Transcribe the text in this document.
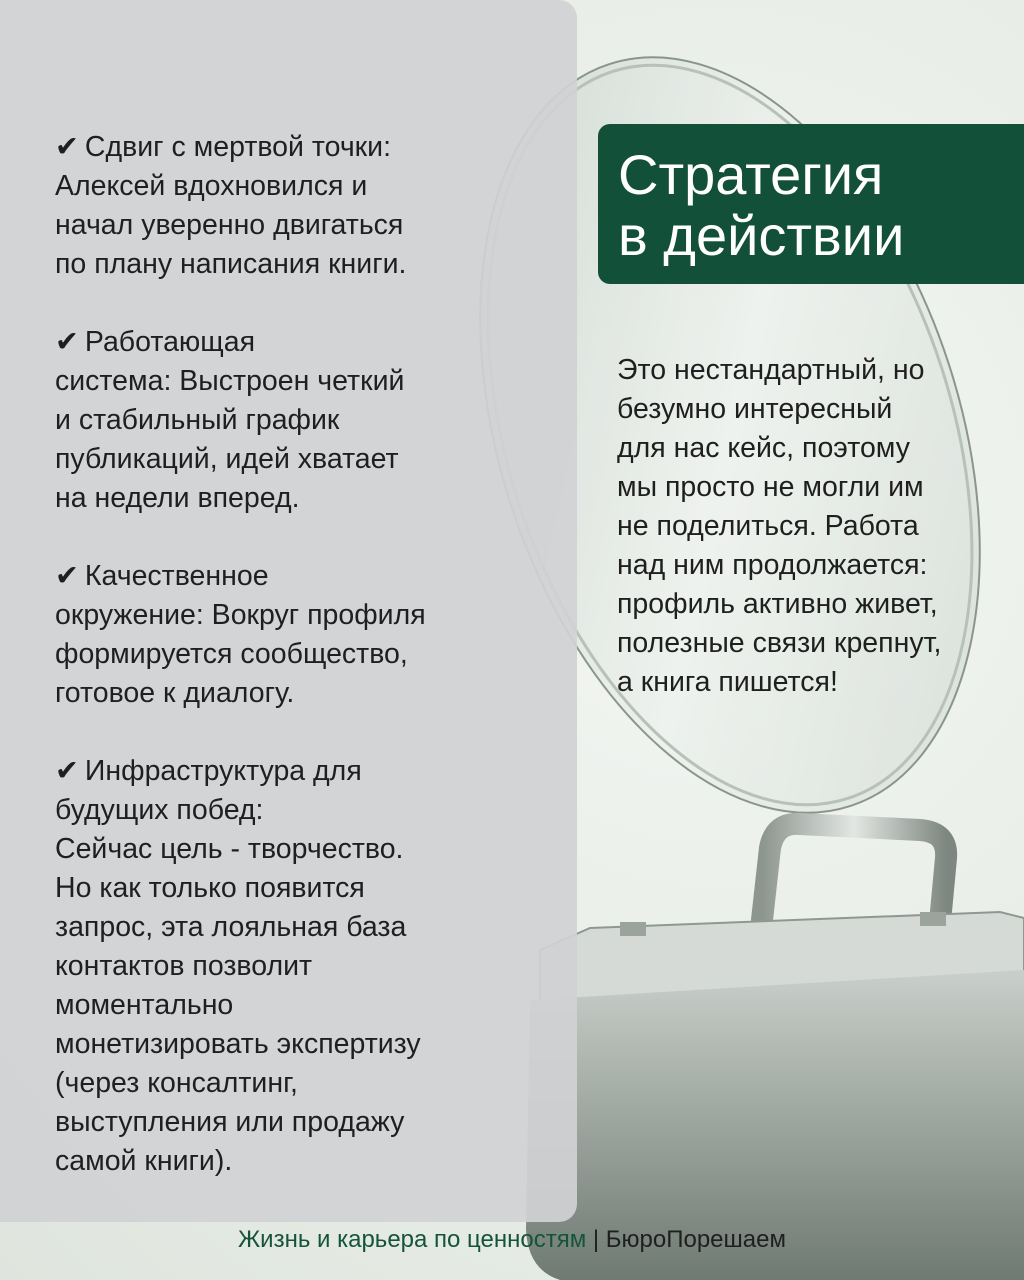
✔ Сдвиг с мертвой точки:
Алексей вдохновился и
начал уверенно двигаться
по плану написания книги.
✔ Работающая
система: Выстроен четкий
и стабильный график
публикаций, идей хватает
на недели вперед.
✔ Качественное
окружение: Вокруг профиля
формируется сообщество,
готовое к диалогу.
✔ Инфраструктура для
будущих побед:
Сейчас цель - творчество.
Но как только появится
запрос, эта лояльная база
контактов позволит
моментально
монетизировать экспертизу
(через консалтинг,
выступления или продажу
самой книги).
Стратегия
в действии
Это нестандартный, но
безумно интересный
для нас кейс, поэтому
мы просто не могли им
не поделиться. Работа
над ним продолжается:
профиль активно живет,
полезные связи крепнут,
а книга пишется!
Жизнь и карьера по ценностям | БюроПорешаем
